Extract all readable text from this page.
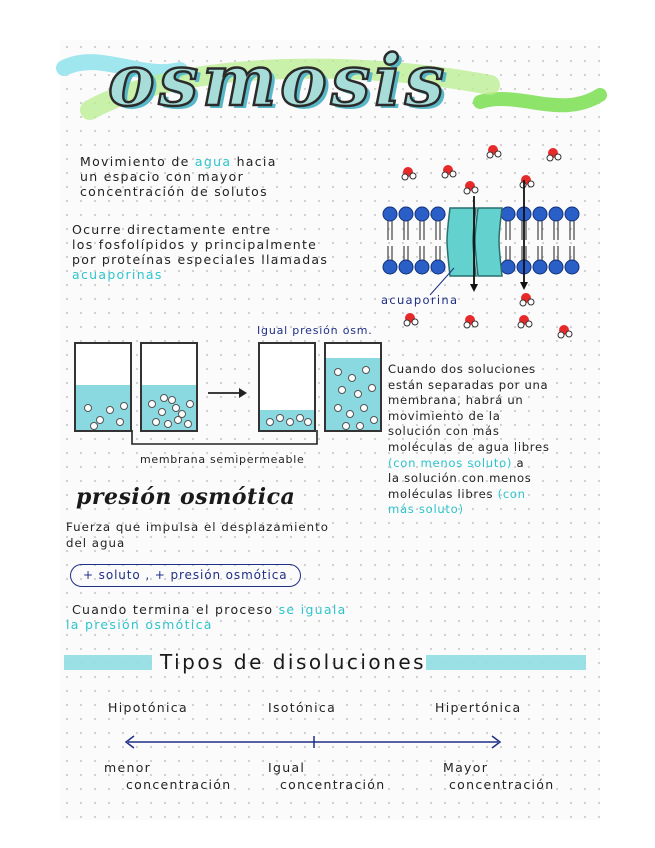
osmosis
Movimiento de agua hacia
un espacio con mayor
concentración de solutos
Ocurre directamente entre
los fosfolípidos y principalmente
por proteínas especiales llamadas
acuaporinas
acuaporina
Igual presión osm.
membrana semipermeable
Cuando dos soluciones
están separadas por una
membrana, habrá un
movimiento de la
solución con más
moléculas de agua libres
(con menos soluto) a
la solución con menos
moléculas libres (con
más soluto)
presión osmótica
Fuerza que impulsa el desplazamiento
del agua
+ soluto , + presión osmótica
Cuando termina el proceso se iguala
la presión osmótica
Tipos de disoluciones
Hipotónica	Isotónica	Hipertónica
menor
concentración
Igual
concentración
Mayor
concentración
